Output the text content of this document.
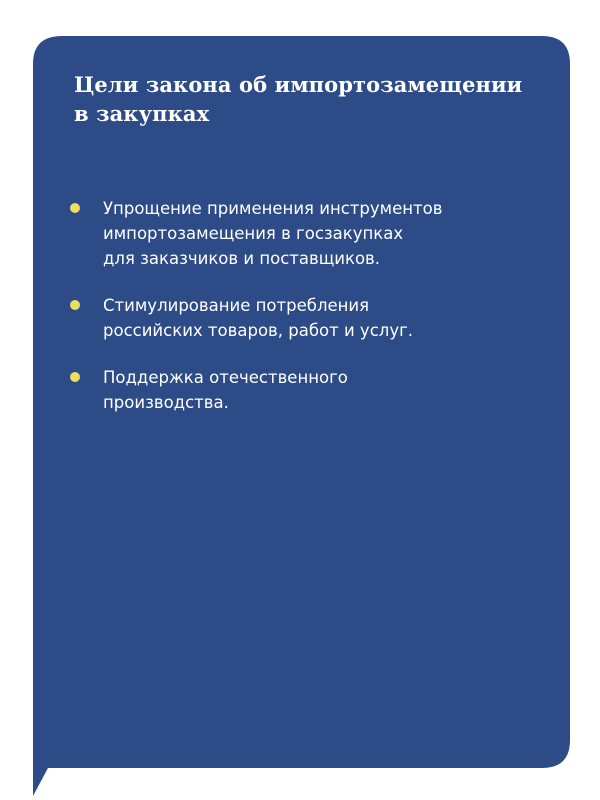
Цели закона об импортозамещении
в закупках
Упрощение применения инструментов
импортозамещения в госзакупках
для заказчиков и поставщиков.
Стимулирование потребления
российских товаров, работ и услуг.
Поддержка отечественного
производства.
